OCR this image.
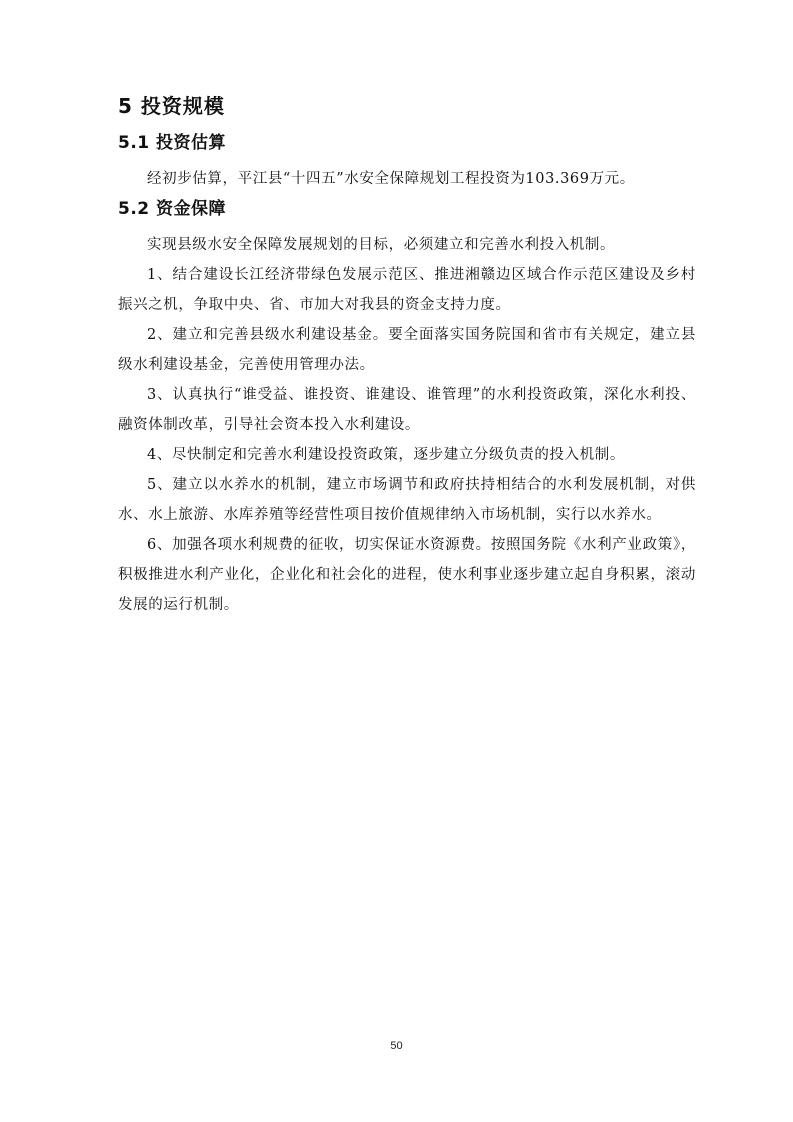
5 投资规模
5.1 投资估算

经初步估算，平江县“十四五”水安全保障规划工程投资为103.369万元。

5.2 资金保障

实现县级水安全保障发展规划的目标，必须建立和完善水利投入机制。

1、结合建设长江经济带绿色发展示范区、推进湘赣边区域合作示范区建设及乡村振兴之机，争取中央、省、市加大对我县的资金支持力度。

2、建立和完善县级水利建设基金。要全面落实国务院国和省市有关规定，建立县级水利建设基金，完善使用管理办法。

3、认真执行“谁受益、谁投资、谁建设、谁管理”的水利投资政策，深化水利投、融资体制改革，引导社会资本投入水利建设。

4、尽快制定和完善水利建设投资政策，逐步建立分级负责的投入机制。

5、建立以水养水的机制，建立市场调节和政府扶持相结合的水利发展机制，对供水、水上旅游、水库养殖等经营性项目按价值规律纳入市场机制，实行以水养水。

6、加强各项水利规费的征收，切实保证水资源费。按照国务院《水利产业政策》，积极推进水利产业化，企业化和社会化的进程，使水利事业逐步建立起自身积累，滚动发展的运行机制。

50
